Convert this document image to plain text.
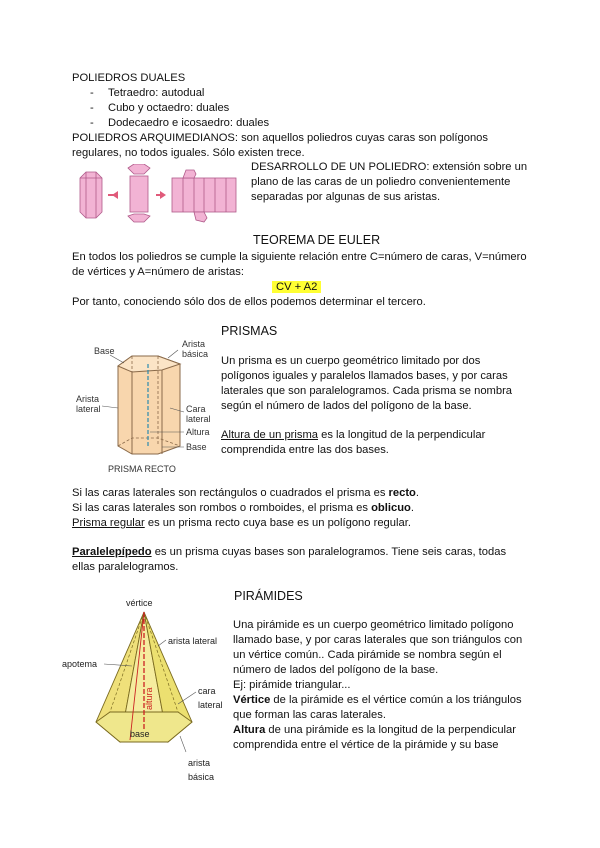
POLIEDROS DUALES
- Tetraedro: autodual
- Cubo y octaedro: duales
- Dodecaedro e icosaedro: duales
POLIEDROS ARQUIMEDIANOS: son aquellos poliedros cuyas caras son polígonos
regulares, no todos iguales. Sólo existen trece.
DESARROLLO DE UN POLIEDRO: extensión sobre un
plano de las caras de un poliedro convenientemente
separadas por algunas de sus aristas.
TEOREMA DE EULER
En todos los poliedros se cumple la siguiente relación entre C=número de caras, V=número
de vértices y A=número de aristas:
CV + A2
Por tanto, conociendo sólo dos de ellos podemos determinar el tercero.
PRISMAS
Base
Arista
básica
Arista
lateral	Cara
lateral
Altura
Base
PRISMA RECTO
Un prisma es un cuerpo geométrico limitado por dos
polígonos iguales y paralelos llamados bases, y por caras
laterales que son paralelogramos. Cada prisma se nombra
según el número de lados del polígono de la base.
Altura de un prisma es la longitud de la perpendicular
comprendida entre las dos bases.
Si las caras laterales son rectángulos o cuadrados el prisma es recto.
Si las caras laterales son rombos o romboides, el prisma es oblicuo.
Prisma regular es un prisma recto cuya base es un polígono regular.
Paralelepípedo es un prisma cuyas bases son paralelogramos. Tiene seis caras, todas
ellas paralelogramos.
PIRÁMIDES
vértice
arista lateral
apotema
cara
lateral
altura
base
arista
básica
Una pirámide es un cuerpo geométrico limitado polígono
llamado base, y por caras laterales que son triángulos con
un vértice común.. Cada pirámide se nombra según el
número de lados del polígono de la base.
Ej: pirámide triangular...
Vértice de la pirámide es el vértice común a los triángulos
que forman las caras laterales.
Altura de una pirámide es la longitud de la perpendicular
comprendida entre el vértice de la pirámide y su base
